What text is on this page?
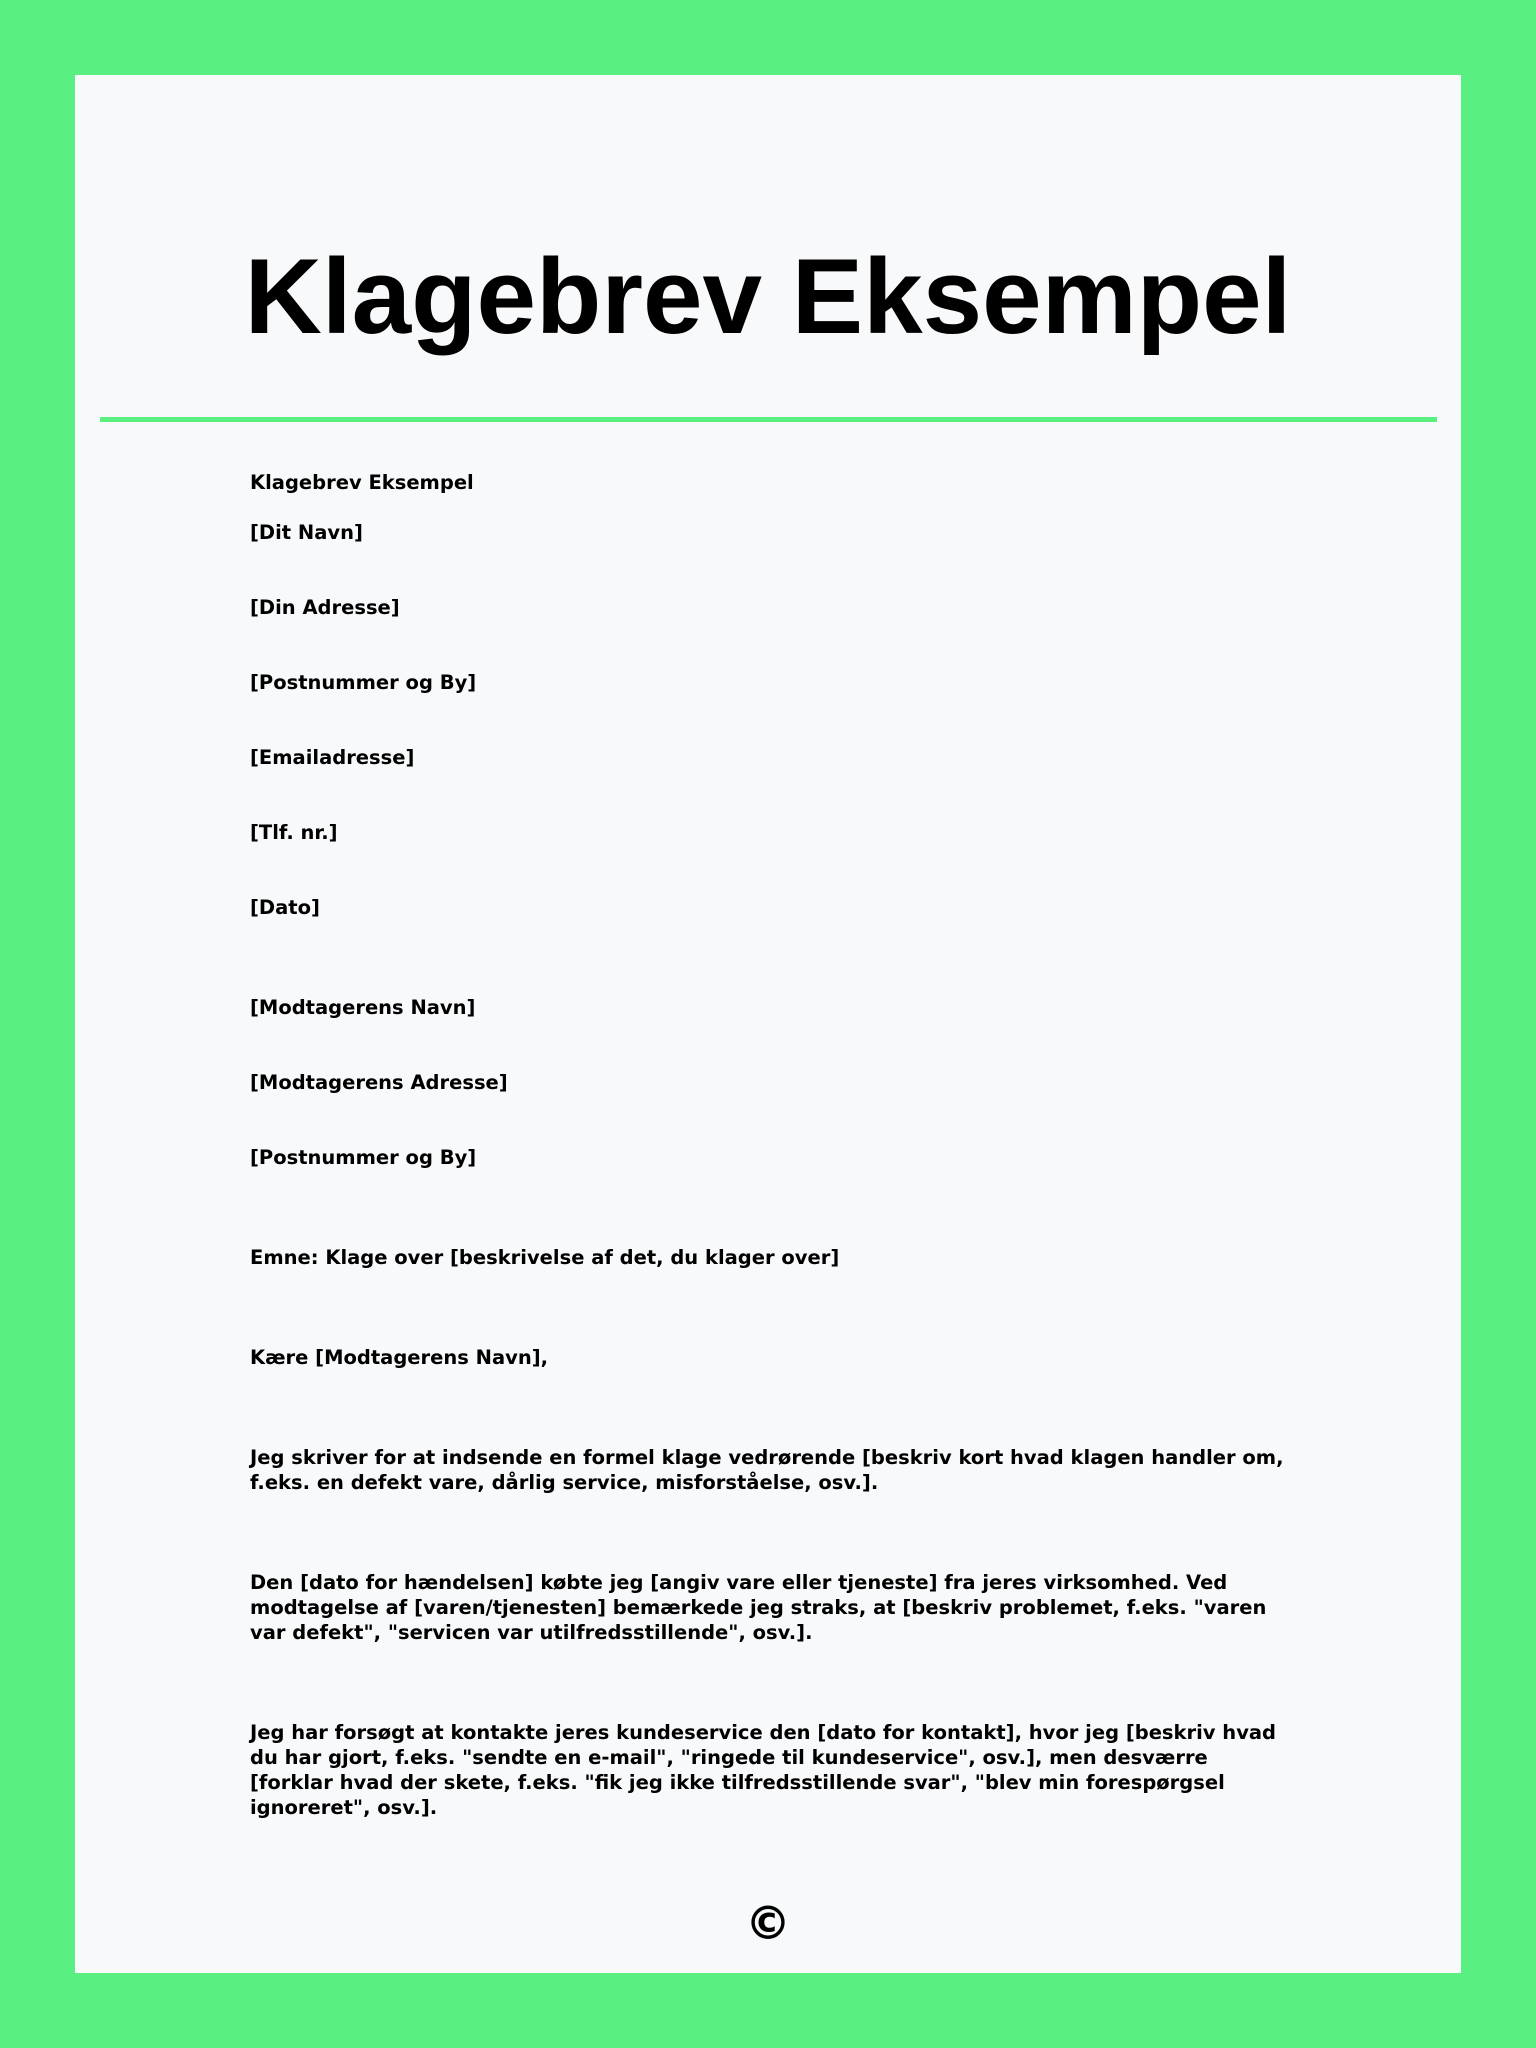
Klagebrev Eksempel
Klagebrev Eksempel
[Dit Navn]
[Din Adresse]
[Postnummer og By]
[Emailadresse]
[Tlf. nr.]
[Dato]
[Modtagerens Navn]
[Modtagerens Adresse]
[Postnummer og By]
Emne: Klage over [beskrivelse af det, du klager over]
Kære [Modtagerens Navn],
Jeg skriver for at indsende en formel klage vedrørende [beskriv kort hvad klagen handler om, f.eks. en defekt vare, dårlig service, misforståelse, osv.].
Den [dato for hændelsen] købte jeg [angiv vare eller tjeneste] fra jeres virksomhed. Ved modtagelse af [varen/tjenesten] bemærkede jeg straks, at [beskriv problemet, f.eks. "varen var defekt", "servicen var utilfredsstillende", osv.].
Jeg har forsøgt at kontakte jeres kundeservice den [dato for kontakt], hvor jeg [beskriv hvad du har gjort, f.eks. "sendte en e-mail", "ringede til kundeservice", osv.], men desværre [forklar hvad der skete, f.eks. "fik jeg ikke tilfredsstillende svar", "blev min forespørgsel ignoreret", osv.].
©
